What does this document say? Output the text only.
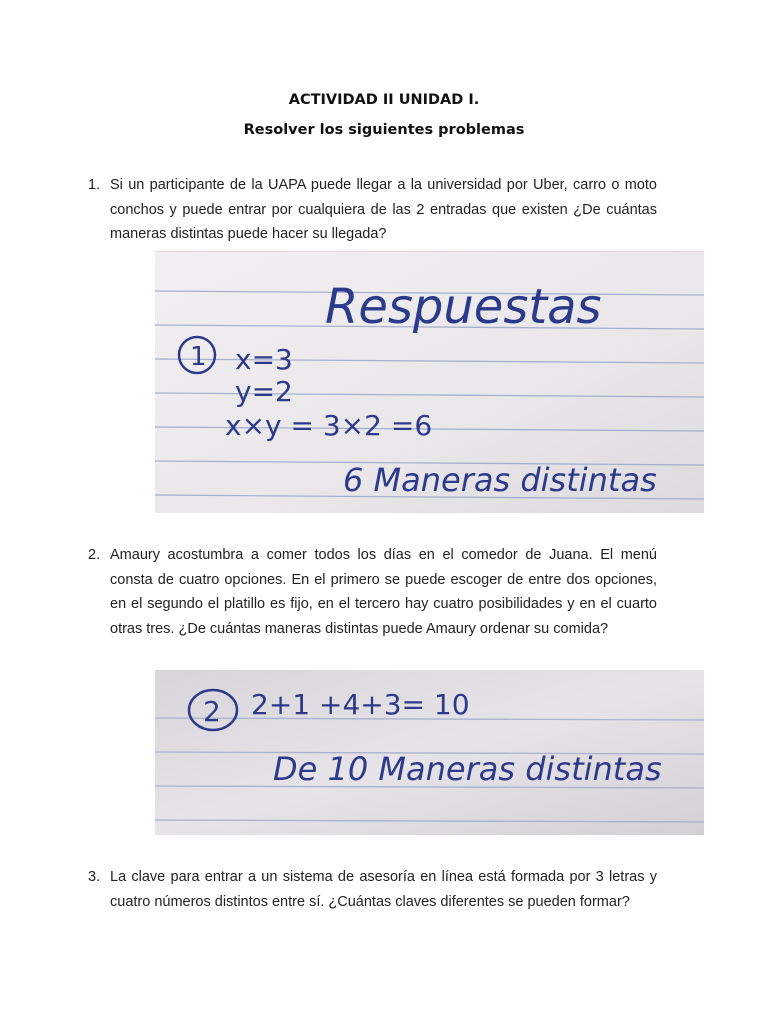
ACTIVIDAD II UNIDAD I.
Resolver los siguientes problemas
1. Si un participante de la UAPA puede llegar a la universidad por Uber, carro o moto conchos y puede entrar por cualquiera de las 2 entradas que existen ¿De cuántas maneras distintas puede hacer su llegada?
Respuestas
1 x=3
y=2
x×y = 3×2 =6
6 Maneras distintas
2. Amaury acostumbra a comer todos los días en el comedor de Juana. El menú consta de cuatro opciones. En el primero se puede escoger de entre dos opciones, en el segundo el platillo es fijo, en el tercero hay cuatro posibilidades y en el cuarto otras tres. ¿De cuántas maneras distintas puede Amaury ordenar su comida?
2 2+1 +4+3= 10
De 10 Maneras distintas
3. La clave para entrar a un sistema de asesoría en línea está formada por 3 letras y cuatro números distintos entre sí. ¿Cuántas claves diferentes se pueden formar?
